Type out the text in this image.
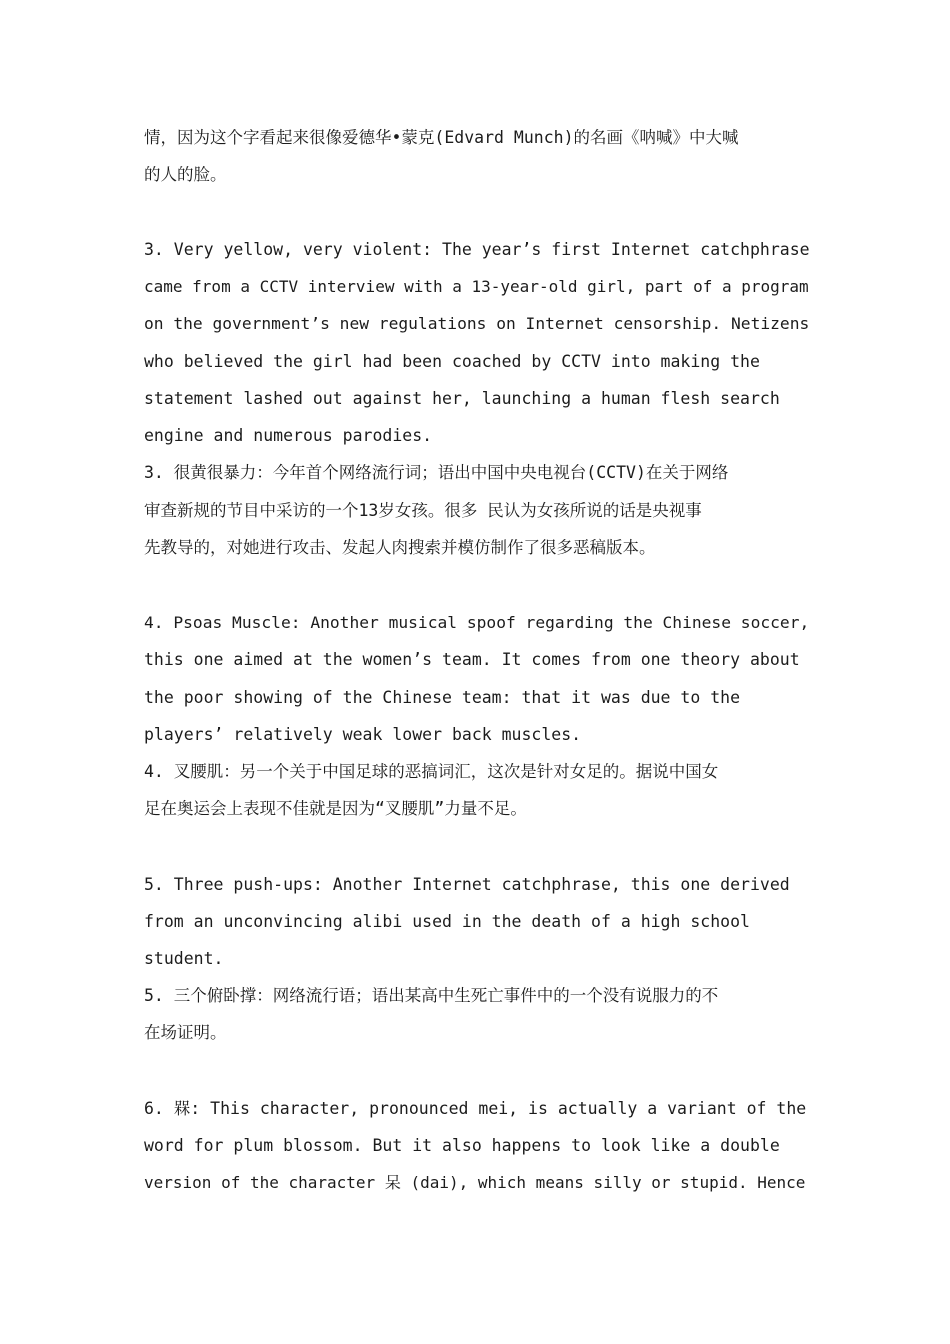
情，因为这个字看起来很像爱德华•蒙克(Edvard Munch)的名画《呐喊》中大喊
的人的脸。
3. Very yellow, very violent: The year’s first Internet catchphrase
came from a CCTV interview with a 13-year-old girl, part of a program
on the government’s new regulations on Internet censorship. Netizens
who believed the girl had been coached by CCTV into making the
statement lashed out against her, launching a human flesh search
engine and numerous parodies.
3. 很黄很暴力：今年首个网络流行词；语出中国中央电视台(CCTV)在关于网络
审查新规的节目中采访的一个13岁女孩。很多 民认为女孩所说的话是央视事
先教导的，对她进行攻击、发起人肉搜索并模仿制作了很多恶稿版本。
4. Psoas Muscle: Another musical spoof regarding the Chinese soccer,
this one aimed at the women’s team. It comes from one theory about
the poor showing of the Chinese team: that it was due to the
players’ relatively weak lower back muscles.
4. 叉腰肌：另一个关于中国足球的恶搞词汇，这次是针对女足的。据说中国女
足在奥运会上表现不佳就是因为“叉腰肌”力量不足。
5. Three push-ups: Another Internet catchphrase, this one derived
from an unconvincing alibi used in the death of a high school
student.
5. 三个俯卧撑：网络流行语；语出某高中生死亡事件中的一个没有说服力的不
在场证明。
6. 槑: This character, pronounced mei, is actually a variant of the
word for plum blossom. But it also happens to look like a double
version of the character 呆 (dai), which means silly or stupid. Hence
